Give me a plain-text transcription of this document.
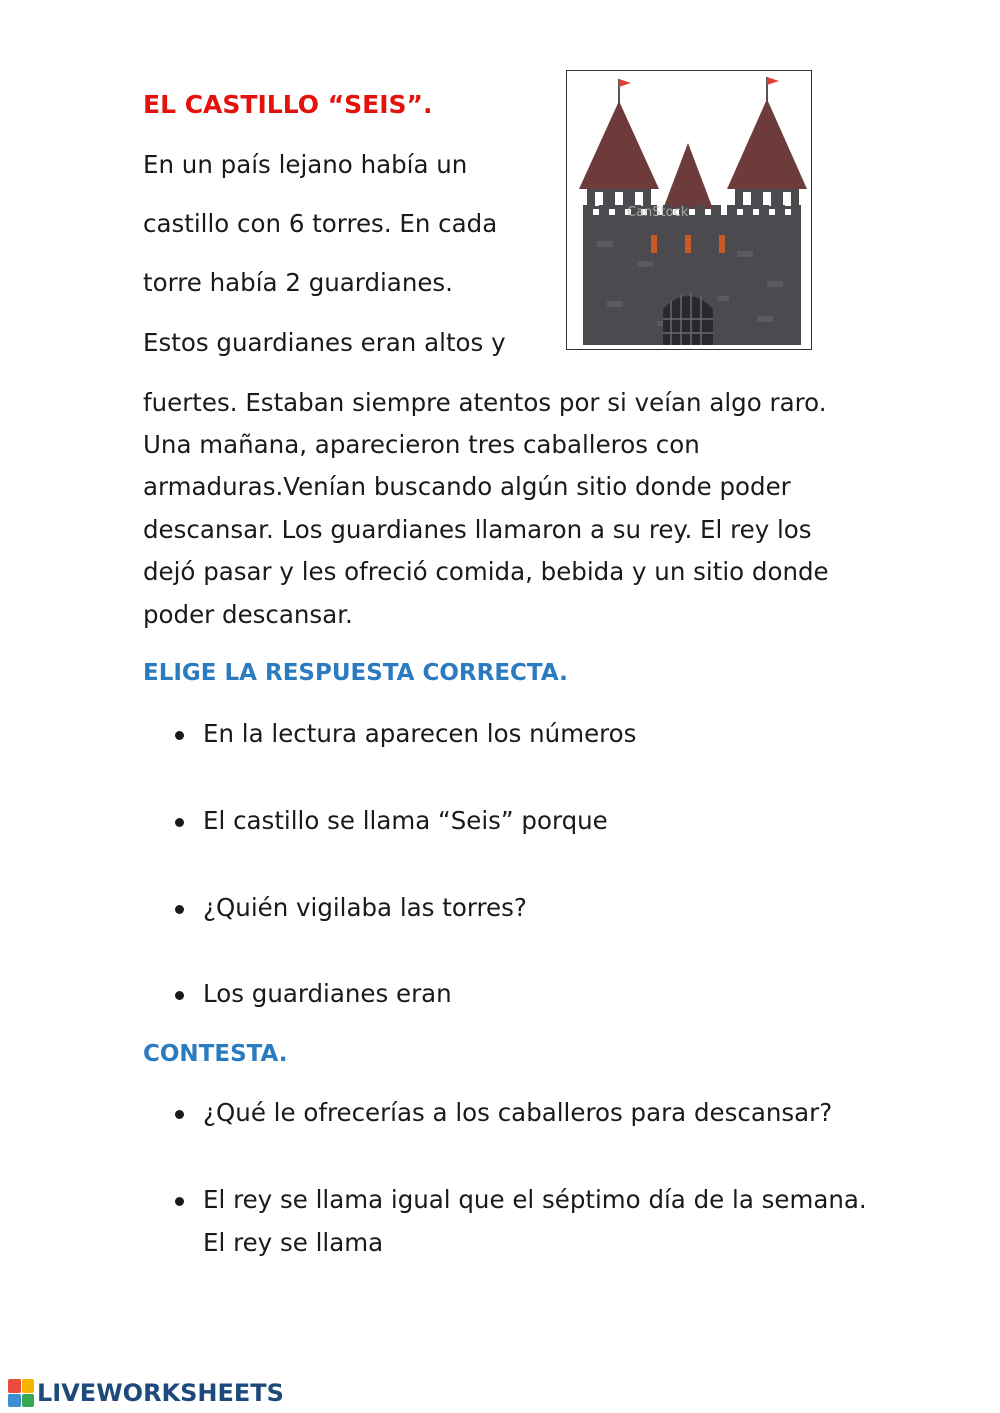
EL CASTILLO “SEIS”.
CanStock

En un país lejano había un

castillo con 6 torres. En cada

torre había 2 guardianes.

Estos guardianes eran altos y

fuertes. Estaban siempre atentos por si veían algo raro.

Una mañana, aparecieron tres caballeros con

armaduras.Venían buscando algún sitio donde poder

descansar. Los guardianes llamaron a su rey. El rey los

dejó pasar y les ofreció comida, bebida y un sitio donde

poder descansar.

ELIGE LA RESPUESTA CORRECTA.

En la lectura aparecen los números

El castillo se llama “Seis” porque

¿Quién vigilaba las torres?

Los guardianes eran

CONTESTA.

¿Qué le ofrecerías a los caballeros para descansar?

El rey se llama igual que el séptimo día de la semana.

El rey se llama

LIVEWORKSHEETS
